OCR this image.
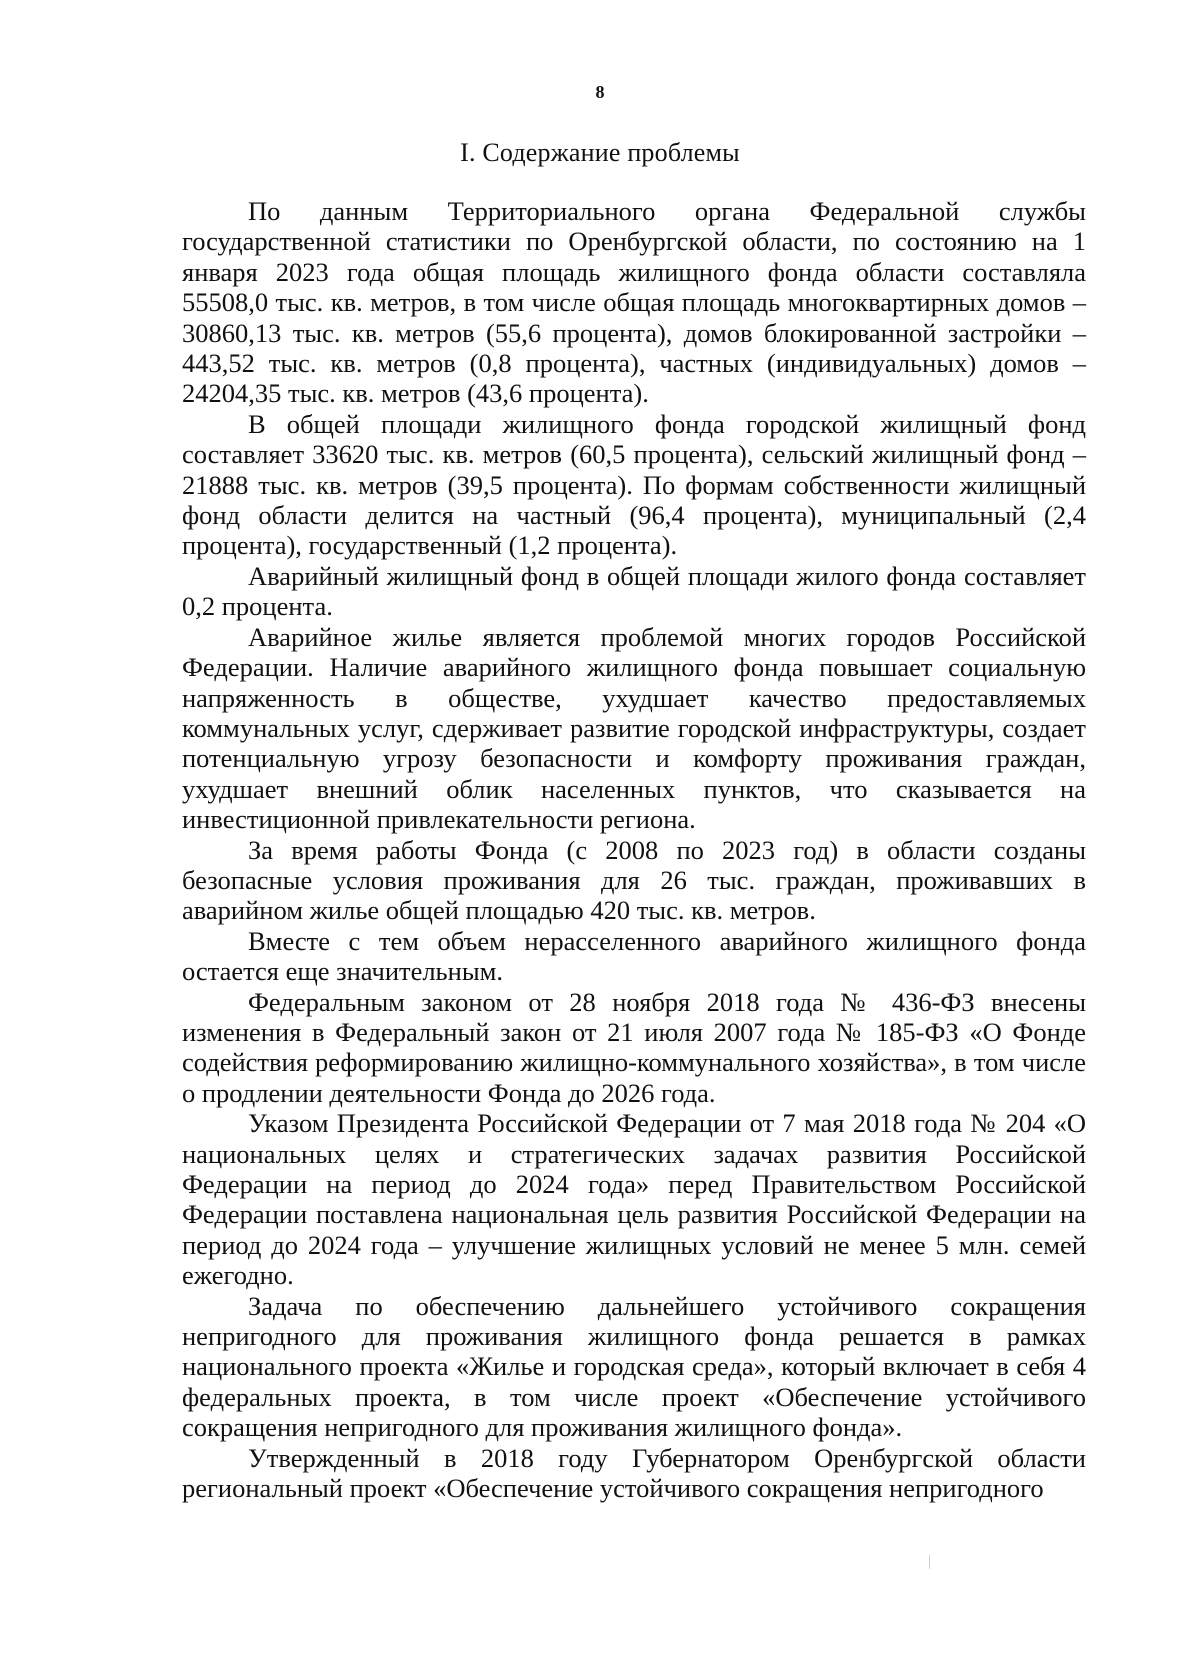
8
I. Содержание проблемы

По данным Территориального органа Федеральной службы государственной статистики по Оренбургской области, по состоянию на 1 января 2023 года общая площадь жилищного фонда области составляла 55508,0 тыс. кв. метров, в том числе общая площадь многоквартирных домов – 30860,13 тыс. кв. метров (55,6 процента), домов блокированной застройки – 443,52 тыс. кв. метров (0,8 процента), частных (индивидуальных) домов – 24204,35 тыс. кв. метров (43,6 процента).

В общей площади жилищного фонда городской жилищный фонд составляет 33620 тыс. кв. метров (60,5 процента), сельский жилищный фонд – 21888 тыс. кв. метров (39,5 процента). По формам собственности жилищный фонд области делится на частный (96,4 процента), муниципальный (2,4 процента), государственный (1,2 процента).

Аварийный жилищный фонд в общей площади жилого фонда составляет 0,2 процента.

Аварийное жилье является проблемой многих городов Российской Федерации. Наличие аварийного жилищного фонда повышает социальную напряженность в обществе, ухудшает качество предоставляемых коммунальных услуг, сдерживает развитие городской инфраструктуры, создает потенциальную угрозу безопасности и комфорту проживания граждан, ухудшает внешний облик населенных пунктов, что сказывается на инвестиционной привлекательности региона.

За время работы Фонда (с 2008 по 2023 год) в области созданы безопасные условия проживания для 26 тыс. граждан, проживавших в аварийном жилье общей площадью 420 тыс. кв. метров.

Вместе с тем объем нерасселенного аварийного жилищного фонда остается еще значительным.

Федеральным законом от 28 ноября 2018 года № 436-ФЗ внесены изменения в Федеральный закон от 21 июля 2007 года № 185-ФЗ «О Фонде содействия реформированию жилищно-коммунального хозяйства», в том числе о продлении деятельности Фонда до 2026 года.

Указом Президента Российской Федерации от 7 мая 2018 года № 204 «О национальных целях и стратегических задачах развития Российской Федерации на период до 2024 года» перед Правительством Российской Федерации поставлена национальная цель развития Российской Федерации на период до 2024 года – улучшение жилищных условий не менее 5 млн. семей ежегодно.

Задача по обеспечению дальнейшего устойчивого сокращения непригодного для проживания жилищного фонда решается в рамках национального проекта «Жилье и городская среда», который включает в себя 4 федеральных проекта, в том числе проект «Обеспечение устойчивого сокращения непригодного для проживания жилищного фонда».

Утвержденный в 2018 году Губернатором Оренбургской области региональный проект «Обеспечение устойчивого сокращения непригодного
